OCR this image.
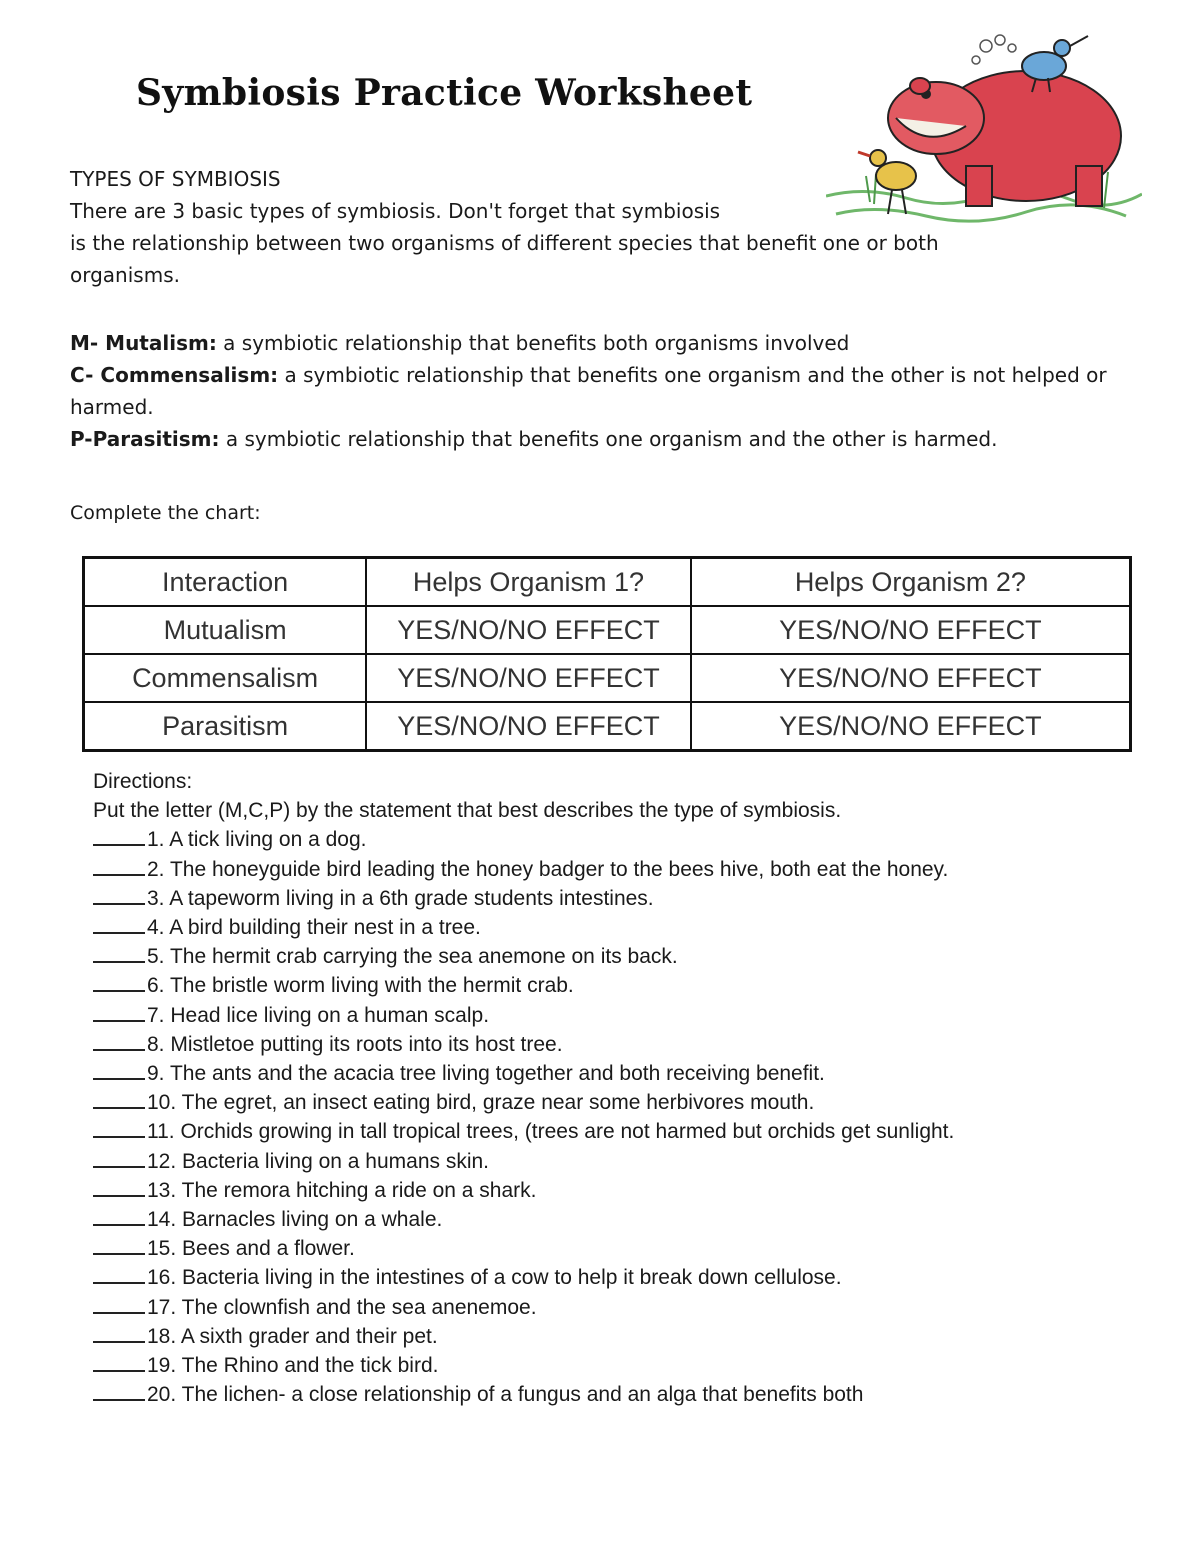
Symbiosis Practice Worksheet

TYPES OF SYMBIOSIS

There are 3 basic types of symbiosis. Don't forget that symbiosis

is the relationship between two organisms of different species that benefit one or both

organisms.

M- Mutalism: a symbiotic relationship that benefits both organisms involved

C- Commensalism: a symbiotic relationship that benefits one organism and the other is not helped or harmed.

P-Parasitism: a symbiotic relationship that benefits one organism and the other is harmed.

Complete the chart:
Interaction	Helps Organism 1?	Helps Organism 2?
Mutualism	YES/NO/NO EFFECT	YES/NO/NO EFFECT
Commensalism	YES/NO/NO EFFECT	YES/NO/NO EFFECT
Parasitism	YES/NO/NO EFFECT	YES/NO/NO EFFECT
Directions:
Put the letter (M,C,P) by the statement that best describes the type of symbiosis.
1. A tick living on a dog.
2. The honeyguide bird leading the honey badger to the bees hive, both eat the honey.
3. A tapeworm living in a 6th grade students intestines.
4. A bird building their nest in a tree.
5. The hermit crab carrying the sea anemone on its back.
6. The bristle worm living with the hermit crab.
7. Head lice living on a human scalp.
8. Mistletoe putting its roots into its host tree.
9. The ants and the acacia tree living together and both receiving benefit.
10. The egret, an insect eating bird, graze near some herbivores mouth.
11. Orchids growing in tall tropical trees, (trees are not harmed but orchids get sunlight.
12. Bacteria living on a humans skin.
13. The remora hitching a ride on a shark.
14. Barnacles living on a whale.
15. Bees and a flower.
16. Bacteria living in the intestines of a cow to help it break down cellulose.
17. The clownfish and the sea anenemoe.
18. A sixth grader and their pet.
19. The Rhino and the tick bird.
20. The lichen- a close relationship of a fungus and an alga that benefits both
